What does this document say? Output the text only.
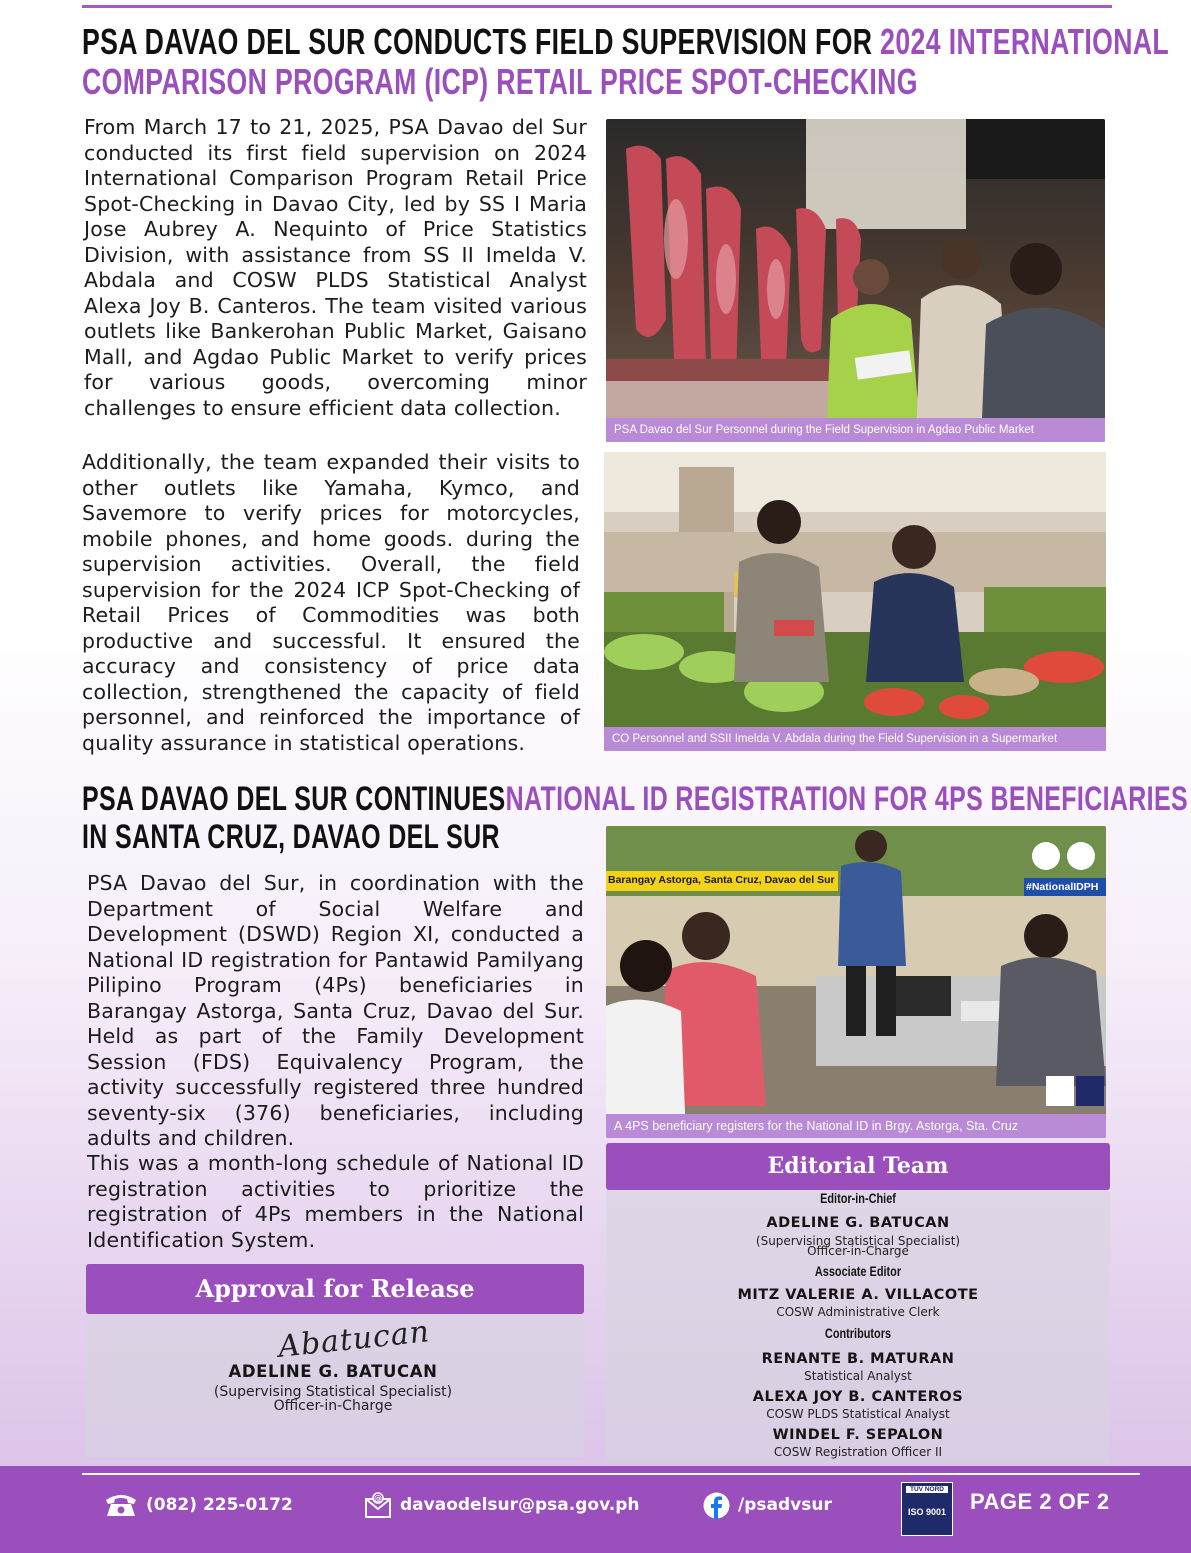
PSA DAVAO DEL SUR CONDUCTS FIELD SUPERVISION FOR 2024 INTERNATIONAL
COMPARISON PROGRAM (ICP) RETAIL PRICE SPOT-CHECKING

From March 17 to 21, 2025, PSA Davao del Sur conducted its first field supervision on 2024 International Comparison Program Retail Price Spot-Checking in Davao City, led by SS I Maria Jose Aubrey A. Nequinto of Price Statistics Division, with assistance from SS II Imelda V. Abdala and COSW PLDS Statistical Analyst Alexa Joy B. Canteros. The team visited various outlets like Bankerohan Public Market, Gaisano Mall, and Agdao Public Market to verify prices for various goods, overcoming minor challenges to ensure efficient data collection.

PSA Davao del Sur Personnel during the Field Supervision in Agdao Public Market

Additionally, the team expanded their visits to other outlets like Yamaha, Kymco, and Savemore to verify prices for motorcycles, mobile phones, and home goods. during the supervision activities. Overall, the field supervision for the 2024 ICP Spot-Checking of Retail Prices of Commodities was both productive and successful. It ensured the accuracy and consistency of price data collection, strengthened the capacity of field personnel, and reinforced the importance of quality assurance in statistical operations.	CO Personnel and SSII Imelda V. Abdala during the Field Supervision in a Supermarket
PSA DAVAO DEL SUR CONTINUES NATIONAL ID REGISTRATION FOR 4PS BENEFICIARIES
IN SANTA CRUZ, DAVAO DEL SUR

PSA Davao del Sur, in coordination with the Department of Social Welfare and Development (DSWD) Region XI, conducted a National ID registration for Pantawid Pamilyang Pilipino Program (4Ps) beneficiaries in Barangay Astorga, Santa Cruz, Davao del Sur. Held as part of the Family Development Session (FDS) Equivalency Program, the activity successfully registered three hundred seventy-six (376) beneficiaries, including adults and children.

This was a month-long schedule of National ID registration activities to prioritize the registration of 4Ps members in the National Identification System.

Barangay Astorga, Santa Cruz, Davao del Sur
#NationalIDPH
A 4PS beneficiary registers for the National ID in Brgy. Astorga, Sta. Cruz
Approval for Release
Abatucan
ADELINE G. BATUCAN
(Supervising Statistical Specialist)
Officer-in-Charge
Editor-in-Chief
ADELINE G. BATUCAN
(Supervising Statistical Specialist)
Officer-in-Charge
Associate Editor
MITZ VALERIE A. VILLACOTE
COSW Administrative Clerk
Contributors
RENANTE B. MATURAN
Statistical Analyst
ALEXA JOY B. CANTEROS
COSW PLDS Statistical Analyst
WINDEL F. SEPALON
COSW Registration Officer II
Editorial Team
(082) 225-0172	@ davaodelsur@psa.gov.ph	/psadvsur
TÜV NORD
ISO 9001 PAGE 2 OF 2
